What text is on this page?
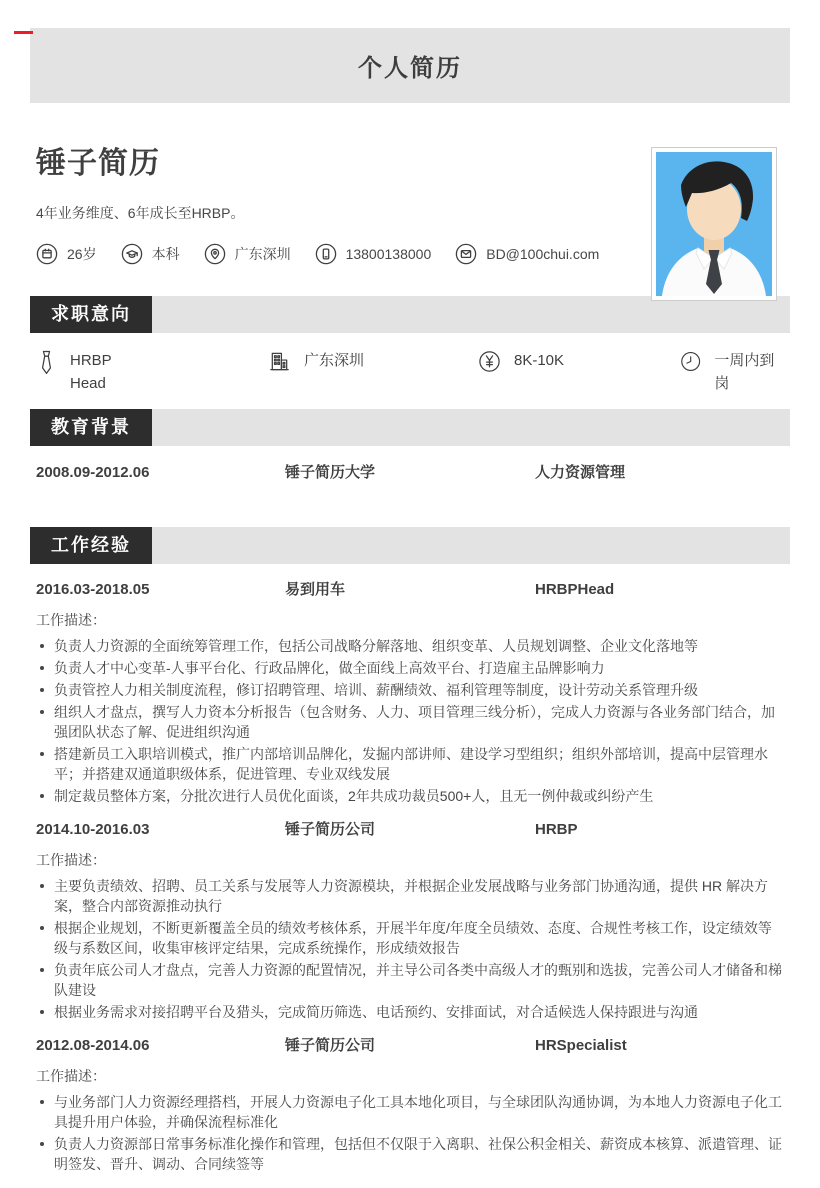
个人简历
锤子简历
4年业务维度、6年成长至HRBP。
26岁	本科	广东深圳	13800138000	BD@100chui.com
求职意向
HRBP Head
广东深圳	8K-10K	一周内到岗
教育背景
2008.09-2012.06	锤子简历大学	人力资源管理
工作经验
2016.03-2018.05	易到用车	HRBPHead
工作描述：
负责人力资源的全面统筹管理工作，包括公司战略分解落地、组织变革、人员规划调整、企业文化落地等
负责人才中心变革-人事平台化、行政品牌化，做全面线上高效平台、打造雇主品牌影响力
负责管控人力相关制度流程，修订招聘管理、培训、薪酬绩效、福利管理等制度，设计劳动关系管理升级
组织人才盘点，撰写人力资本分析报告（包含财务、人力、项目管理三线分析），完成人力资源与各业务部门结合，加强团队状态了解、促进组织沟通
搭建新员工入职培训模式，推广内部培训品牌化，发掘内部讲师、建设学习型组织；组织外部培训，提高中层管理水平；并搭建双通道职级体系，促进管理、专业双线发展
制定裁员整体方案，分批次进行人员优化面谈，2年共成功裁员500+人，且无一例仲裁或纠纷产生
2014.10-2016.03	锤子简历公司	HRBP
工作描述：
主要负责绩效、招聘、员工关系与发展等人力资源模块，并根据企业发展战略与业务部门协通沟通，提供 HR 解决方案，整合内部资源推动执行
根据企业规划，不断更新覆盖全员的绩效考核体系，开展半年度/年度全员绩效、态度、合规性考核工作，设定绩效等级与系数区间，收集审核评定结果，完成系统操作，形成绩效报告
负责年底公司人才盘点，完善人力资源的配置情况，并主导公司各类中高级人才的甄别和选拔，完善公司人才储备和梯队建设
根据业务需求对接招聘平台及猎头，完成简历筛选、电话预约、安排面试，对合适候选人保持跟进与沟通
2012.08-2014.06	锤子简历公司	HRSpecialist
工作描述：
与业务部门人力资源经理搭档，开展人力资源电子化工具本地化项目，与全球团队沟通协调，为本地人力资源电子化工具提升用户体验，并确保流程标准化
负责人力资源部日常事务标准化操作和管理，包括但不仅限于入离职、社保公积金相关、薪资成本核算、派遣管理、证明签发、晋升、调动、合同续签等
